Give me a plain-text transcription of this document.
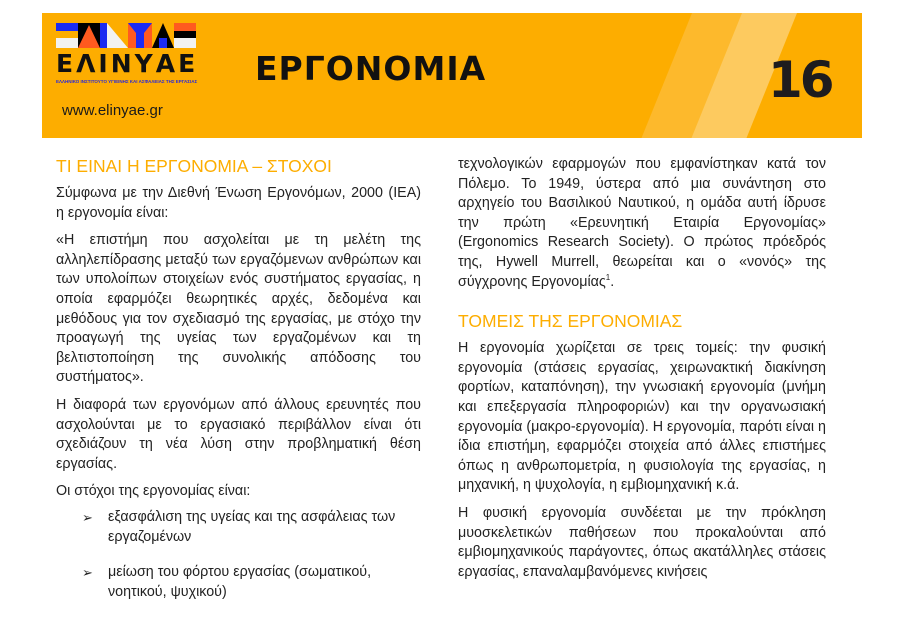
ΕΛΙΝΥΑΕ
ΕΛΛΗΝΙΚΟ ΙΝΣΤΙΤΟΥΤΟ ΥΓΙΕΙΝΗΣ ΚΑΙ ΑΣΦΑΛΕΙΑΣ ΤΗΣ ΕΡΓΑΣΙΑΣ
www.elinyae.gr
ΕΡΓΟΝΟΜΙΑ	16
ΤΙ ΕΙΝΑΙ Η ΕΡΓΟΝΟΜΙΑ – ΣΤΟΧΟΙ

Σύμφωνα με την Διεθνή Ένωση Εργονόμων, 2000 (IEA) η εργονομία είναι:

«Η επιστήμη που ασχολείται με τη μελέτη της αλληλεπίδρασης μεταξύ των εργαζόμενων ανθρώπων και των υπολοίπων στοιχείων ενός συστήματος εργασίας, η οποία εφαρμόζει θεωρητικές αρχές, δεδομένα και μεθόδους για τον σχεδιασμό της εργασίας, με στόχο την προαγωγή της υγείας των εργαζομένων και τη βελτιστοποίηση της συνολικής απόδοσης του συστήματος».

Η διαφορά των εργονόμων από άλλους ερευνητές που ασχολούνται με το εργασιακό περιβάλλον είναι ότι σχεδιάζουν τη νέα λύση στην προβληματική θέση εργασίας.

Οι στόχοι της εργονομίας είναι:

➢ εξασφάλιση της υγείας και της ασφάλειας των εργαζομένων
➢ μείωση του φόρτου εργασίας (σωματικού, νοητικού, ψυχικού)

τεχνολογικών εφαρμογών που εμφανίστηκαν κατά τον Πόλεμο. Το 1949, ύστερα από μια συνάντηση στο αρχηγείο του Βασιλικού Ναυτικού, η ομάδα αυτή ίδρυσε την πρώτη «Ερευνητική Εταιρία Εργονομίας» (Ergonomics Research Society). Ο πρώτος πρόεδρός της, Hywell Murrell, θεωρείται και ο «νονός» της σύγχρονης Εργονομίας$^1$.

ΤΟΜΕΙΣ ΤΗΣ ΕΡΓΟΝΟΜΙΑΣ

Η εργονομία χωρίζεται σε τρεις τομείς: την φυσική εργονομία (στάσεις εργασίας, χειρωνακτική διακίνηση φορτίων, καταπόνηση), την γνωσιακή εργονομία (μνήμη και επεξεργασία πληροφοριών) και την οργανωσιακή εργονομία (μακρο-εργονομία). Η εργονομία, παρότι είναι η ίδια επιστήμη, εφαρμόζει στοιχεία από άλλες επιστήμες όπως η ανθρωπομετρία, η φυσιολογία της εργασίας, η μηχανική, η ψυχολογία, η εμβιομηχανική κ.ά.

Η φυσική εργονομία συνδέεται με την πρόκληση μυοσκελετικών παθήσεων που προκαλούνται από εμβιομηχανικούς παράγοντες, όπως ακατάλληλες στάσεις εργασίας, επαναλαμβανόμενες κινήσεις
